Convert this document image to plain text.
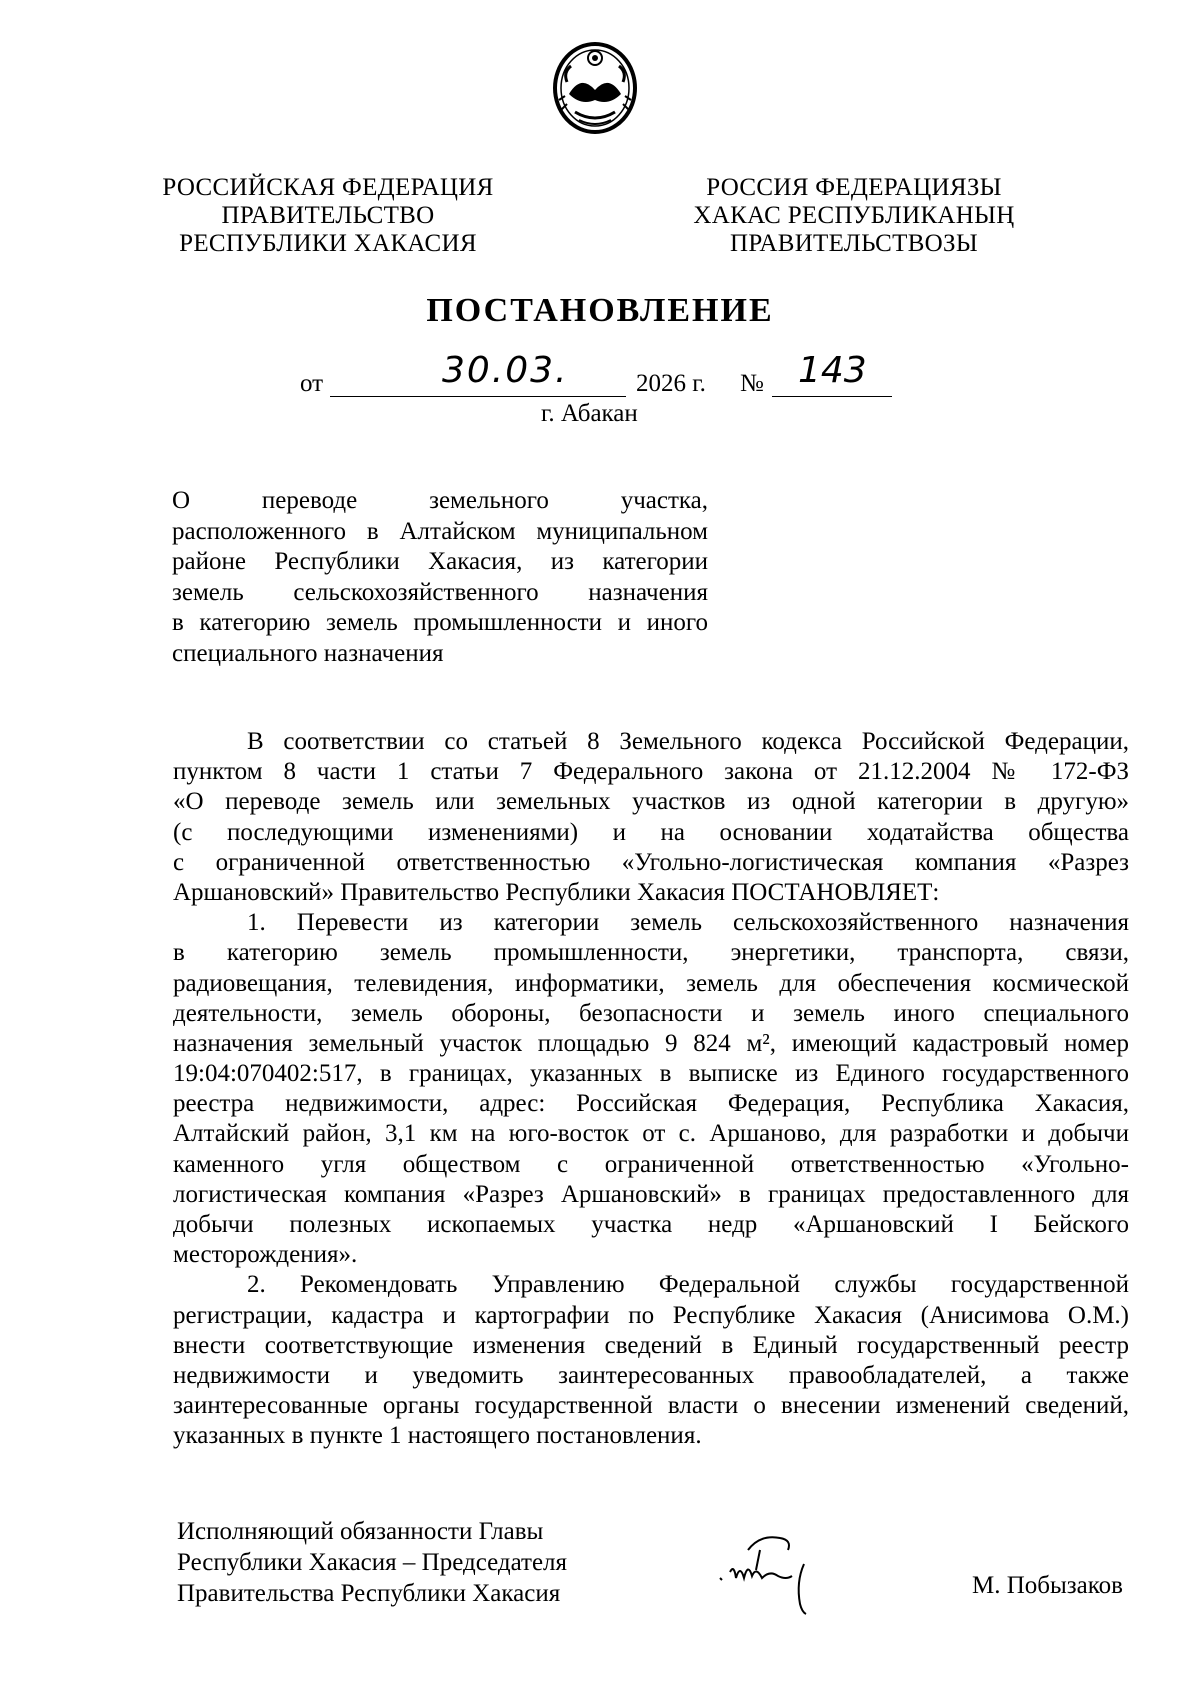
РОССИЙСКАЯ ФЕДЕРАЦИЯ
ПРАВИТЕЛЬСТВО
РЕСПУБЛИКИ ХАКАСИЯ
РОССИЯ ФЕДЕРАЦИЯЗЫ
ХАКАС РЕСПУБЛИКАНЫҢ
ПРАВИТЕЛЬСТВОЗЫ
ПОСТАНОВЛЕНИЕ
от	30.03.	2026 г. № 143
г. Абакан

О переводе земельного участка,

расположенного в Алтайском муниципальном

районе Республики Хакасия, из категории

земель сельскохозяйственного назначения

в категорию земель промышленности и иного

специального назначения

В соответствии со статьей 8 Земельного кодекса Российской Федерации,
пунктом 8 части 1 статьи 7 Федерального закона от 21.12.2004 № 172-ФЗ
«О переводе земель или земельных участков из одной категории в другую»
(с последующими изменениями) и на основании ходатайства общества
с ограниченной ответственностью «Угольно-логистическая компания «Разрез
Аршановский» Правительство Республики Хакасия ПОСТАНОВЛЯЕТ:
1. Перевести из категории земель сельскохозяйственного назначения
в категорию земель промышленности, энергетики, транспорта, связи,
радиовещания, телевидения, информатики, земель для обеспечения космической
деятельности, земель обороны, безопасности и земель иного специального
назначения земельный участок площадью 9 824 м², имеющий кадастровый номер
19:04:070402:517, в границах, указанных в выписке из Единого государственного
реестра недвижимости, адрес: Российская Федерация, Республика Хакасия,
Алтайский район, 3,1 км на юго-восток от с. Аршаново, для разработки и добычи
каменного угля обществом с ограниченной ответственностью «Угольно-
логистическая компания «Разрез Аршановский» в границах предоставленного для
добычи полезных ископаемых участка недр «Аршановский I Бейского
месторождения».
2. Рекомендовать Управлению Федеральной службы государственной
регистрации, кадастра и картографии по Республике Хакасия (Анисимова О.М.)
внести соответствующие изменения сведений в Единый государственный реестр
недвижимости и уведомить заинтересованных правообладателей, а также
заинтересованные органы государственной власти о внесении изменений сведений,
указанных в пункте 1 настоящего постановления.
Исполняющий обязанности Главы
Республики Хакасия – Председателя
Правительства Республики Хакасия	М. Побызаков
